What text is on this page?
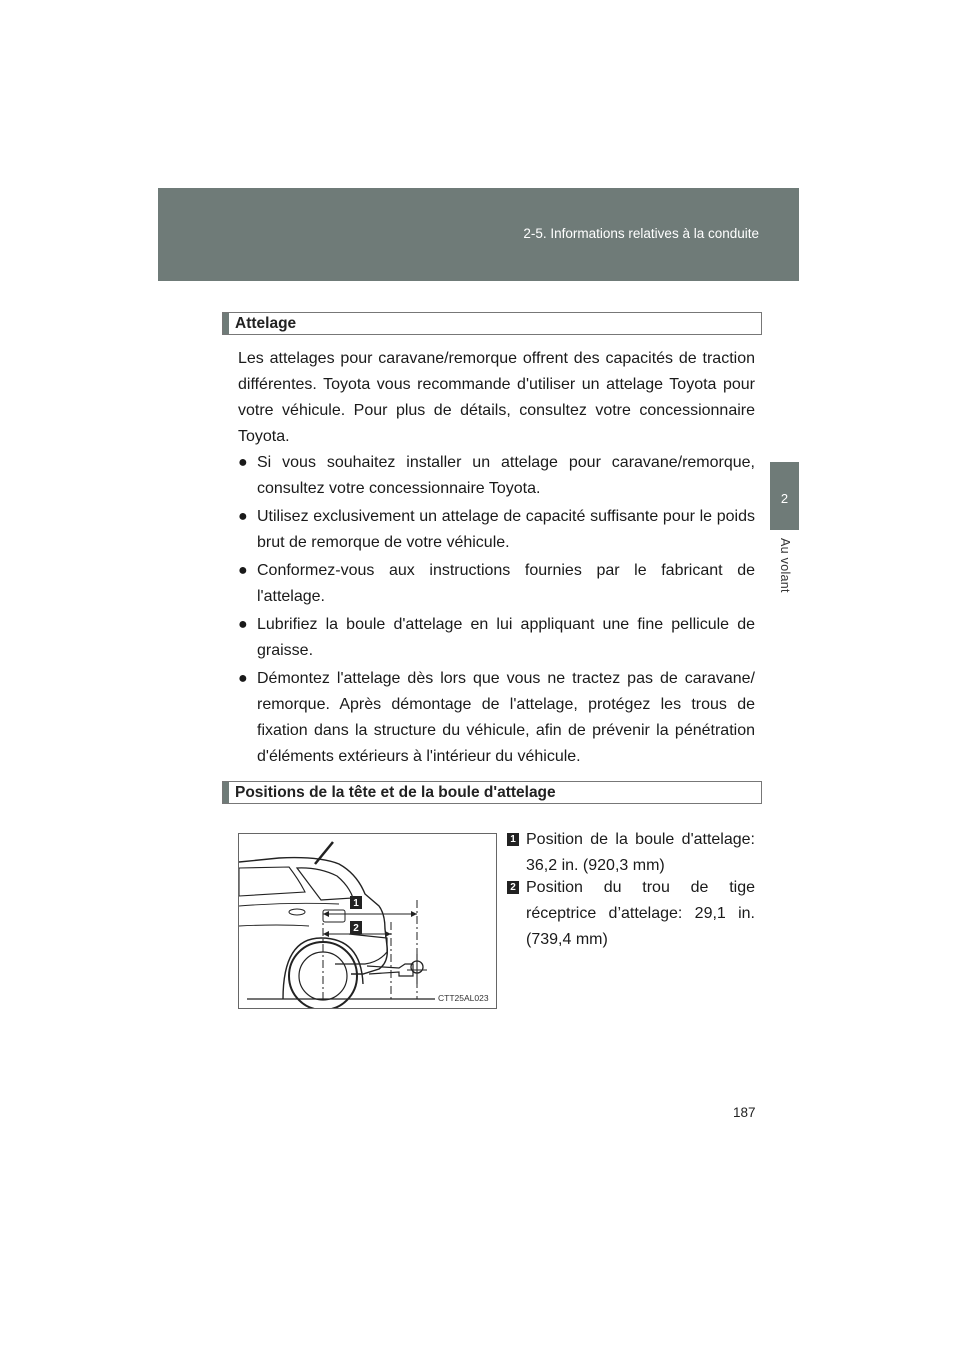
2-5. Informations relatives à la conduite
2
Au volant
Attelage

Les attelages pour caravane/remorque offrent des capacités de traction différentes. Toyota vous recommande d'utiliser un attelage Toyota pour votre véhicule. Pour plus de détails, consultez votre concessionnaire Toyota.

● Si vous souhaitez installer un attelage pour caravane/remorque, consultez votre concessionnaire Toyota.
● Utilisez exclusivement un attelage de capacité suffisante pour le poids brut de remorque de votre véhicule.
● Conformez-vous aux instructions fournies par le fabricant de l'attelage.
● Lubrifiez la boule d'attelage en lui appliquant une fine pellicule de graisse.
● Démontez l'attelage dès lors que vous ne tractez pas de caravane/ remorque. Après démontage de l'attelage, protégez les trous de fixation dans la structure du véhicule, afin de prévenir la pénétration d'éléments extérieurs à l'intérieur du véhicule.
Positions de la tête et de la boule d'attelage
1
2
CTT25AL023
1 Position de la boule d'attelage: 36,2 in. (920,3 mm)
2 Position du trou de tige réceptrice d’attelage: 29,1 in. (739,4 mm)
187
